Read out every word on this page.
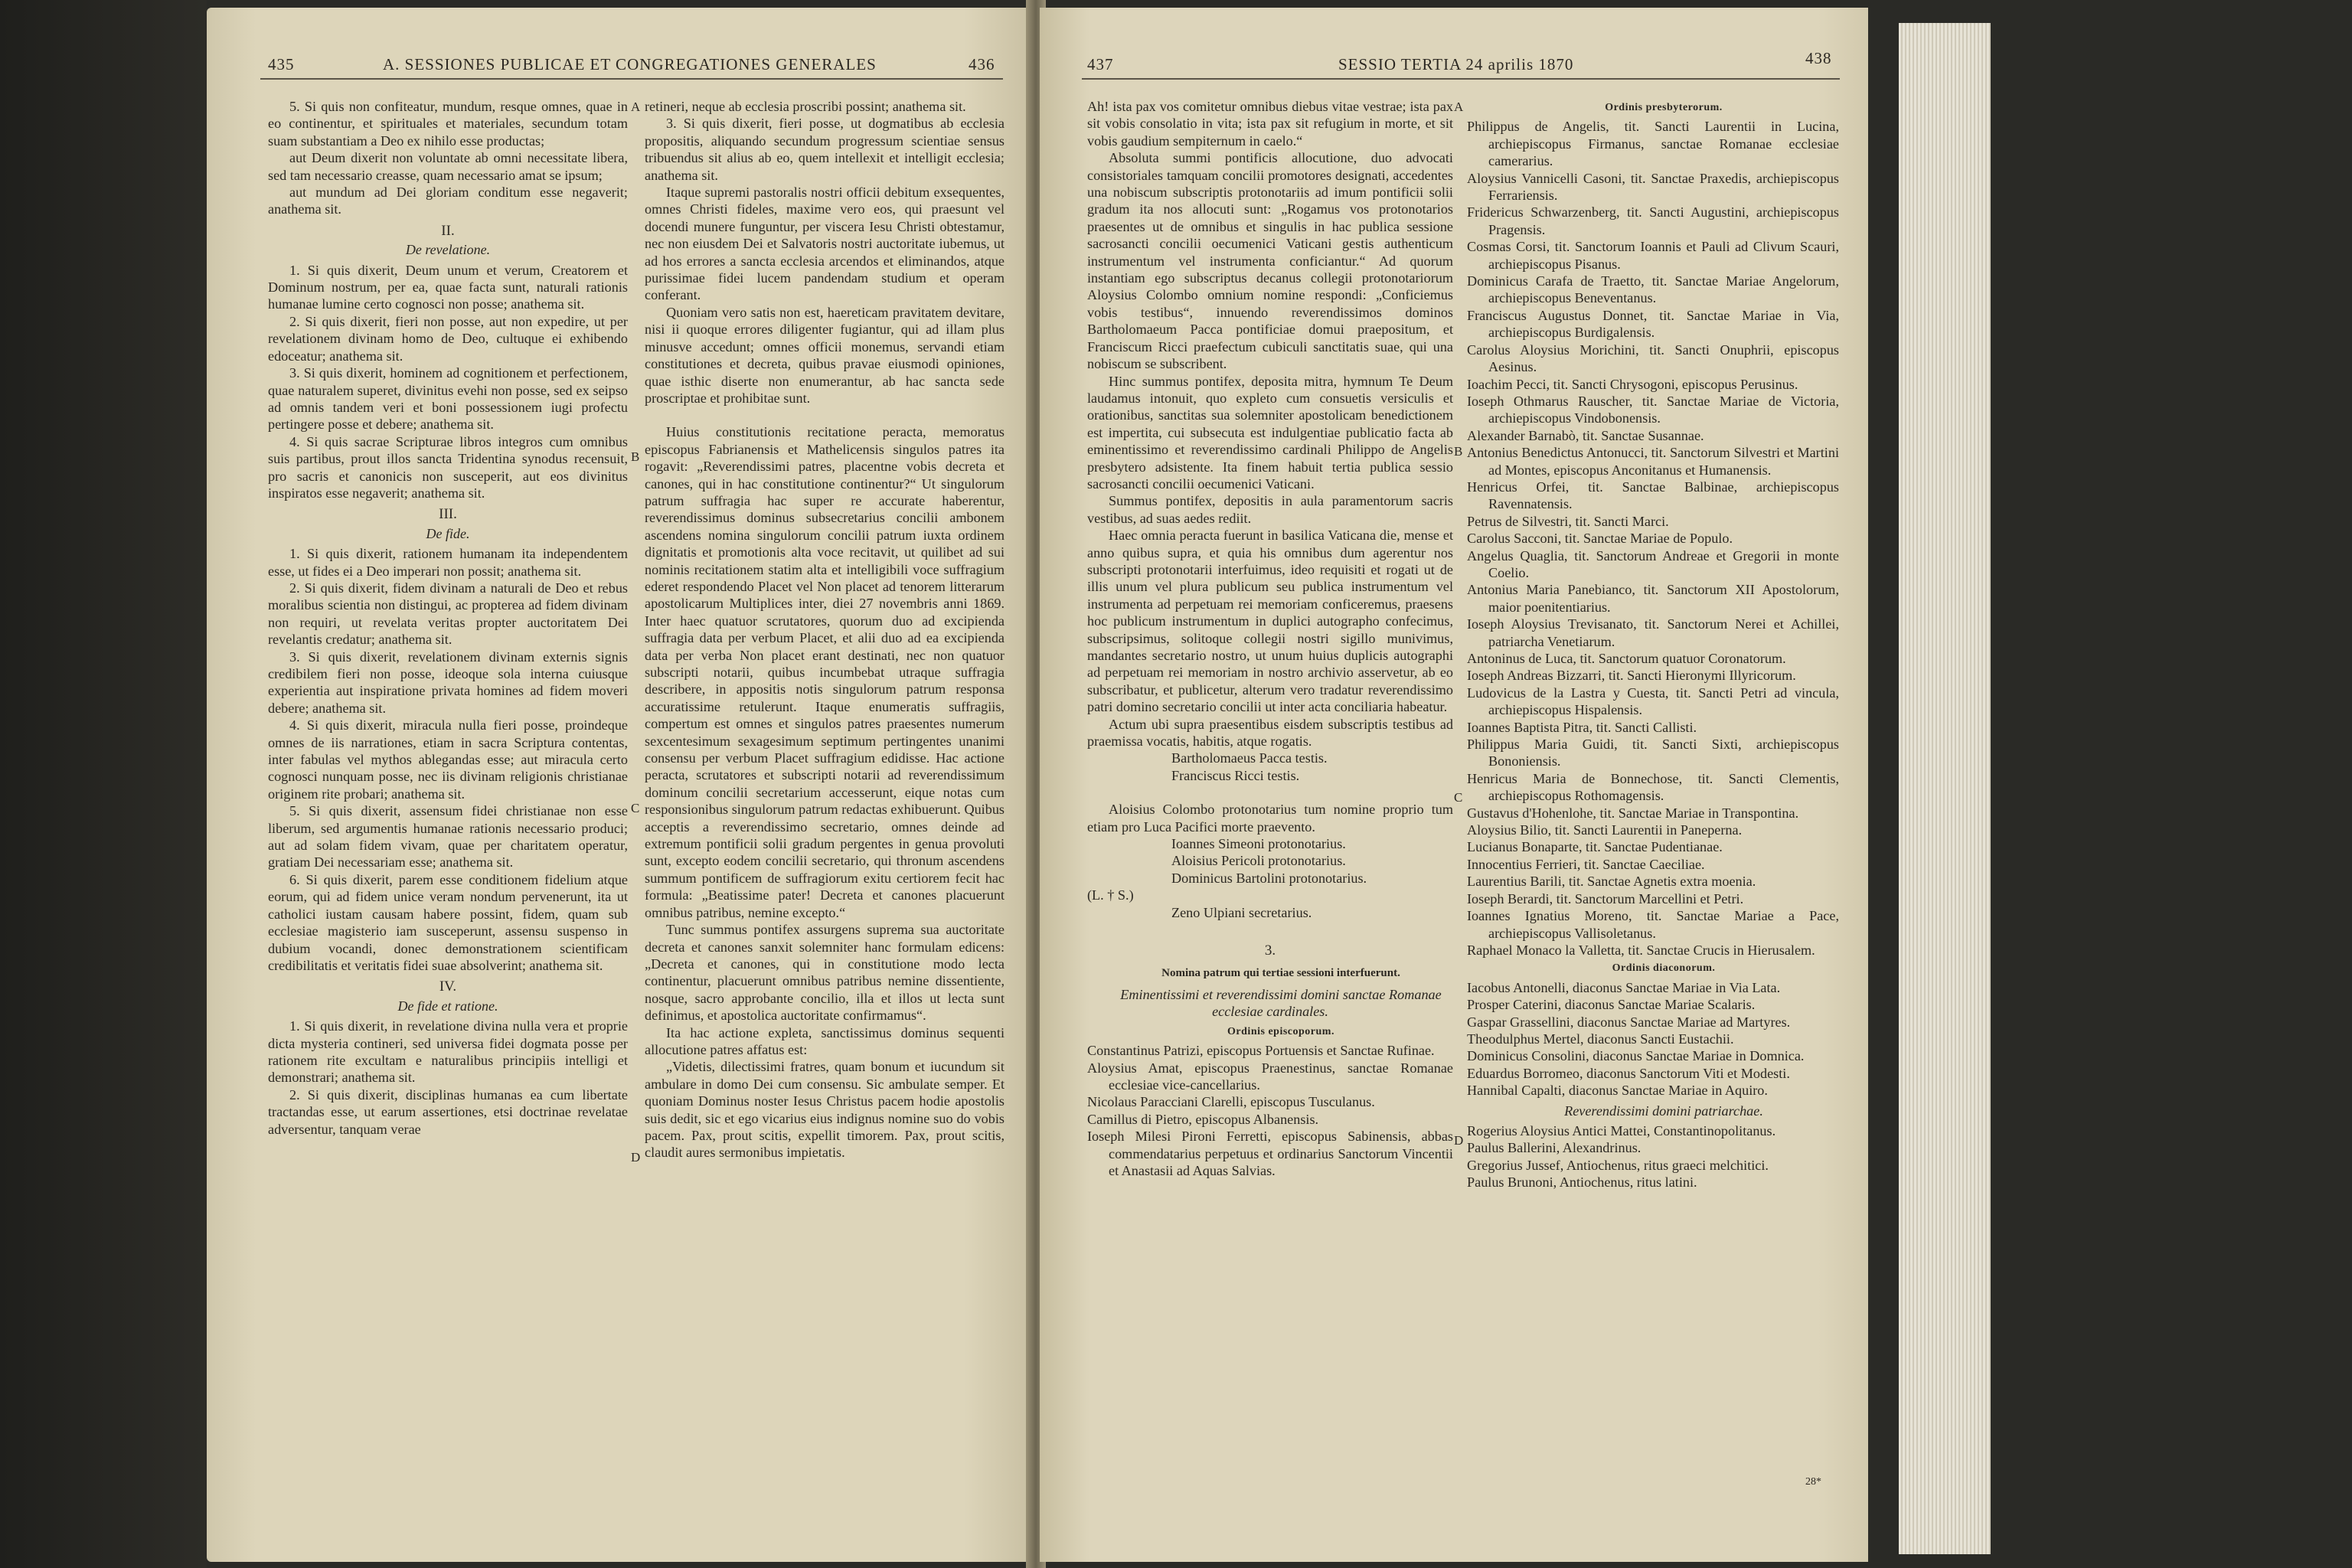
435	A. SESSIONES PUBLICAE ET CONGREGATIONES GENERALES	436

5. Si quis non confiteatur, mundum, resque omnes, quae in eo continentur, et spirituales et materiales, secundum totam suam substantiam a Deo ex nihilo esse productas;

aut Deum dixerit non voluntate ab omni necessitate libera, sed tam necessario creasse, quam necessario amat se ipsum;

aut mundum ad Dei gloriam conditum esse negaverit; anathema sit.

II.
De revelatione.

1. Si quis dixerit, Deum unum et verum, Creatorem et Dominum nostrum, per ea, quae facta sunt, naturali rationis humanae lumine certo cognosci non posse; anathema sit.

2. Si quis dixerit, fieri non posse, aut non expedire, ut per revelationem divinam homo de Deo, cultuque ei exhibendo edoceatur; anathema sit.

3. Si quis dixerit, hominem ad cognitionem et perfectionem, quae naturalem superet, divinitus evehi non posse, sed ex seipso ad omnis tandem veri et boni possessionem iugi profectu pertingere posse et debere; anathema sit.

4. Si quis sacrae Scripturae libros integros cum omnibus suis partibus, prout illos sancta Tridentina synodus recensuit, pro sacris et canonicis non susceperit, aut eos divinitus inspiratos esse negaverit; anathema sit.

III.
De fide.

1. Si quis dixerit, rationem humanam ita independentem esse, ut fides ei a Deo imperari non possit; anathema sit.

2. Si quis dixerit, fidem divinam a naturali de Deo et rebus moralibus scientia non distingui, ac propterea ad fidem divinam non requiri, ut revelata veritas propter auctoritatem Dei revelantis credatur; anathema sit.

3. Si quis dixerit, revelationem divinam externis signis credibilem fieri non posse, ideoque sola interna cuiusque experientia aut inspiratione privata homines ad fidem moveri debere; anathema sit.

4. Si quis dixerit, miracula nulla fieri posse, proindeque omnes de iis narrationes, etiam in sacra Scriptura contentas, inter fabulas vel mythos ablegandas esse; aut miracula certo cognosci nunquam posse, nec iis divinam religionis christianae originem rite probari; anathema sit.

5. Si quis dixerit, assensum fidei christianae non esse liberum, sed argumentis humanae rationis necessario produci; aut ad solam fidem vivam, quae per charitatem operatur, gratiam Dei necessariam esse; anathema sit.

6. Si quis dixerit, parem esse conditionem fidelium atque eorum, qui ad fidem unice veram nondum pervenerunt, ita ut catholici iustam causam habere possint, fidem, quam sub ecclesiae magisterio iam susceperunt, assensu suspenso in dubium vocandi, donec demonstrationem scientificam credibilitatis et veritatis fidei suae absolverint; anathema sit.

IV.
De fide et ratione.

1. Si quis dixerit, in revelatione divina nulla vera et proprie dicta mysteria contineri, sed universa fidei dogmata posse per rationem rite excultam e naturalibus principiis intelligi et demonstrari; anathema sit.

2. Si quis dixerit, disciplinas humanas ea cum libertate tractandas esse, ut earum assertiones, etsi doctrinae revelatae adversentur, tanquam verae

retineri, neque ab ecclesia proscribi possint; anathema sit.

3. Si quis dixerit, fieri posse, ut dogmatibus ab ecclesia propositis, aliquando secundum progressum scientiae sensus tribuendus sit alius ab eo, quem intellexit et intelligit ecclesia; anathema sit.

Itaque supremi pastoralis nostri officii debitum exsequentes, omnes Christi fideles, maxime vero eos, qui praesunt vel docendi munere funguntur, per viscera Iesu Christi obtestamur, nec non eiusdem Dei et Salvatoris nostri auctoritate iubemus, ut ad hos errores a sancta ecclesia arcendos et eliminandos, atque purissimae fidei lucem pandendam studium et operam conferant.

Quoniam vero satis non est, haereticam pravitatem devitare, nisi ii quoque errores diligenter fugiantur, qui ad illam plus minusve accedunt; omnes officii monemus, servandi etiam constitutiones et decreta, quibus pravae eiusmodi opiniones, quae isthic diserte non enumerantur, ab hac sancta sede proscriptae et prohibitae sunt.

Huius constitutionis recitatione peracta, memoratus episcopus Fabrianensis et Mathelicensis singulos patres ita rogavit: „Reverendissimi patres, placentne vobis decreta et canones, qui in hac constitutione continentur?“ Ut singulorum patrum suffragia hac super re accurate haberentur, reverendissimus dominus subsecretarius concilii ambonem ascendens nomina singulorum concilii patrum iuxta ordinem dignitatis et promotionis alta voce recitavit, ut quilibet ad sui nominis recitationem statim alta et intelligibili voce suffragium ederet respondendo Placet vel Non placet ad tenorem litterarum apostolicarum Multiplices inter, diei 27 novembris anni 1869. Inter haec quatuor scrutatores, quorum duo ad excipienda suffragia data per verbum Placet, et alii duo ad ea excipienda data per verba Non placet erant destinati, nec non quatuor subscripti notarii, quibus incumbebat utraque suffragia describere, in appositis notis singulorum patrum responsa accuratissime retulerunt. Itaque enumeratis suffragiis, compertum est omnes et singulos patres praesentes numerum sexcentesimum sexagesimum septimum pertingentes unanimi consensu per verbum Placet suffragium edidisse. Hac actione peracta, scrutatores et subscripti notarii ad reverendissimum dominum concilii secretarium accesserunt, eique notas cum responsionibus singulorum patrum redactas exhibuerunt. Quibus acceptis a reverendissimo secretario, omnes deinde ad extremum pontificii solii gradum pergentes in genua provoluti sunt, excepto eodem concilii secretario, qui thronum ascendens summum pontificem de suffragiorum exitu certiorem fecit hac formula: „Beatissime pater! Decreta et canones placuerunt omnibus patribus, nemine excepto.“

Tunc summus pontifex assurgens suprema sua auctoritate decreta et canones sanxit solemniter hanc formulam edicens: „Decreta et canones, qui in constitutione modo lecta continentur, placuerunt omnibus patribus nemine dissentiente, nosque, sacro approbante concilio, illa et illos ut lecta sunt definimus, et apostolica auctoritate confirmamus“.

Ita hac actione expleta, sanctissimus dominus sequenti allocutione patres affatus est:

„Videtis, dilectissimi fratres, quam bonum et iucundum sit ambulare in domo Dei cum consensu. Sic ambulate semper. Et quoniam Dominus noster Iesus Christus pacem hodie apostolis suis dedit, sic et ego vicarius eius indignus nomine suo do vobis pacem. Pax, prout scitis, expellit timorem. Pax, prout scitis, claudit aures sermonibus impietatis.

A
B
C
D
437	SESSIO TERTIA 24 aprilis 1870	438

Ah! ista pax vos comitetur omnibus diebus vitae vestrae; ista pax sit vobis consolatio in vita; ista pax sit refugium in morte, et sit vobis gaudium sempiternum in caelo.“

Absoluta summi pontificis allocutione, duo advocati consistoriales tamquam concilii promotores designati, accedentes una nobiscum subscriptis protonotariis ad imum pontificii solii gradum ita nos allocuti sunt: „Rogamus vos protonotarios praesentes ut de omnibus et singulis in hac publica sessione sacrosancti concilii oecumenici Vaticani gestis authenticum instrumentum vel instrumenta conficiantur.“ Ad quorum instantiam ego subscriptus decanus collegii protonotariorum Aloysius Colombo omnium nomine respondi: „Conficiemus vobis testibus“, innuendo reverendissimos dominos Bartholomaeum Pacca pontificiae domui praepositum, et Franciscum Ricci praefectum cubiculi sanctitatis suae, qui una nobiscum se subscribent.

Hinc summus pontifex, deposita mitra, hymnum Te Deum laudamus intonuit, quo expleto cum consuetis versiculis et orationibus, sanctitas sua solemniter apostolicam benedictionem est impertita, cui subsecuta est indulgentiae publicatio facta ab eminentissimo et reverendissimo cardinali Philippo de Angelis presbytero adsistente. Ita finem habuit tertia publica sessio sacrosancti concilii oecumenici Vaticani.

Summus pontifex, depositis in aula paramentorum sacris vestibus, ad suas aedes rediit.

Haec omnia peracta fuerunt in basilica Vaticana die, mense et anno quibus supra, et quia his omnibus dum agerentur nos subscripti protonotarii interfuimus, ideo requisiti et rogati ut de illis unum vel plura publicum seu publica instrumentum vel instrumenta ad perpetuam rei memoriam conficeremus, praesens hoc publicum instrumentum in duplici autographo confecimus, subscripsimus, solitoque collegii nostri sigillo munivimus, mandantes secretario nostro, ut unum huius duplicis autographi ad perpetuam rei memoriam in nostro archivio asservetur, ab eo subscribatur, et publicetur, alterum vero tradatur reverendissimo patri domino secretario concilii ut inter acta conciliaria habeatur.

Actum ubi supra praesentibus eisdem subscriptis testibus ad praemissa vocatis, habitis, atque rogatis.

Bartholomaeus Pacca testis.

Franciscus Ricci testis.

Aloisius Colombo protonotarius tum nomine proprio tum etiam pro Luca Pacifici morte praevento.

Ioannes Simeoni protonotarius.

Aloisius Pericoli protonotarius.

Dominicus Bartolini protonotarius.

(L. † S.)

Zeno Ulpiani secretarius.

3.

Nomina patrum qui tertiae sessioni interfuerunt.

Eminentissimi et reverendissimi domini sanctae Romanae ecclesiae cardinales.

Ordinis episcoporum.

Constantinus Patrizi, episcopus Portuensis et Sanctae Rufinae.

Aloysius Amat, episcopus Praenestinus, sanctae Romanae ecclesiae vice-cancellarius.

Nicolaus Paracciani Clarelli, episcopus Tusculanus.

Camillus di Pietro, episcopus Albanensis.

Ioseph Milesi Pironi Ferretti, episcopus Sabinensis, abbas commendatarius perpetuus et ordinarius Sanctorum Vincentii et Anastasii ad Aquas Salvias.

Ordinis presbyterorum.

Philippus de Angelis, tit. Sancti Laurentii in Lucina, archiepiscopus Firmanus, sanctae Romanae ecclesiae camerarius.

Aloysius Vannicelli Casoni, tit. Sanctae Praxedis, archiepiscopus Ferrariensis.

Fridericus Schwarzenberg, tit. Sancti Augustini, archiepiscopus Pragensis.

Cosmas Corsi, tit. Sanctorum Ioannis et Pauli ad Clivum Scauri, archiepiscopus Pisanus.

Dominicus Carafa de Traetto, tit. Sanctae Mariae Angelorum, archiepiscopus Beneventanus.

Franciscus Augustus Donnet, tit. Sanctae Mariae in Via, archiepiscopus Burdigalensis.

Carolus Aloysius Morichini, tit. Sancti Onuphrii, episcopus Aesinus.

Ioachim Pecci, tit. Sancti Chrysogoni, episcopus Perusinus.

Ioseph Othmarus Rauscher, tit. Sanctae Mariae de Victoria, archiepiscopus Vindobonensis.

Alexander Barnabò, tit. Sanctae Susannae.

Antonius Benedictus Antonucci, tit. Sanctorum Silvestri et Martini ad Montes, episcopus Anconitanus et Humanensis.

Henricus Orfei, tit. Sanctae Balbinae, archiepiscopus Ravennatensis.

Petrus de Silvestri, tit. Sancti Marci.

Carolus Sacconi, tit. Sanctae Mariae de Populo.

Angelus Quaglia, tit. Sanctorum Andreae et Gregorii in monte Coelio.

Antonius Maria Panebianco, tit. Sanctorum XII Apostolorum, maior poenitentiarius.

Ioseph Aloysius Trevisanato, tit. Sanctorum Nerei et Achillei, patriarcha Venetiarum.

Antoninus de Luca, tit. Sanctorum quatuor Coronatorum.

Ioseph Andreas Bizzarri, tit. Sancti Hieronymi Illyricorum.

Ludovicus de la Lastra y Cuesta, tit. Sancti Petri ad vincula, archiepiscopus Hispalensis.

Ioannes Baptista Pitra, tit. Sancti Callisti.

Philippus Maria Guidi, tit. Sancti Sixti, archiepiscopus Bononiensis.

Henricus Maria de Bonnechose, tit. Sancti Clementis, archiepiscopus Rothomagensis.

Gustavus d'Hohenlohe, tit. Sanctae Mariae in Transpontina.

Aloysius Bilio, tit. Sancti Laurentii in Panepernа.

Lucianus Bonaparte, tit. Sanctae Pudentianae.

Innocentius Ferrieri, tit. Sanctae Caeciliae.

Laurentius Barili, tit. Sanctae Agnetis extra moenia.

Ioseph Berardi, tit. Sanctorum Marcellini et Petri.

Ioannes Ignatius Moreno, tit. Sanctae Mariae a Pace, archiepiscopus Vallisoletanus.

Raphael Monaco la Valletta, tit. Sanctae Crucis in Hierusalem.

Ordinis diaconorum.

Iacobus Antonelli, diaconus Sanctae Mariae in Via Lata.

Prosper Caterini, diaconus Sanctae Mariae Scalaris.

Gaspar Grassellini, diaconus Sanctae Mariae ad Martyres.

Theodulphus Mertel, diaconus Sancti Eustachii.

Dominicus Consolini, diaconus Sanctae Mariae in Domnica.

Eduardus Borromeo, diaconus Sanctorum Viti et Modesti.

Hannibal Capalti, diaconus Sanctae Mariae in Aquiro.

Reverendissimi domini patriarchae.

Rogerius Aloysius Antici Mattei, Constantinopolitanus.

Paulus Ballerini, Alexandrinus.

Gregorius Jussef, Antiochenus, ritus graeci melchitici.

Paulus Brunoni, Antiochenus, ritus latini.

A
B
C
D
28*
